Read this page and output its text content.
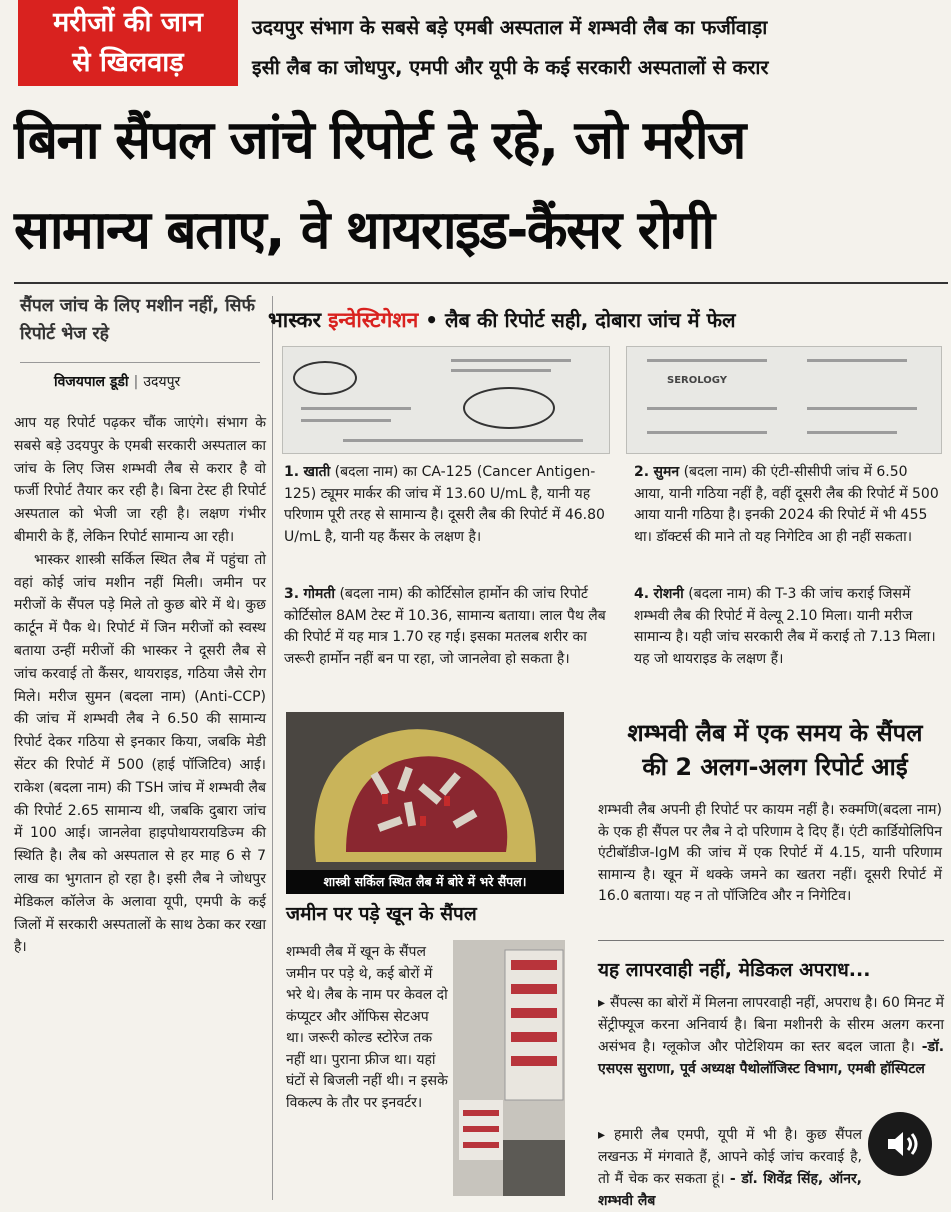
मरीजों की जान
से खिलवाड़
उदयपुर संभाग के सबसे बड़े एमबी अस्पताल में शम्भवी लैब का फर्जीवाड़ा
इसी लैब का जोधपुर, एमपी और यूपी के कई सरकारी अस्पतालों से करार
बिना सैंपल जांचे रिपोर्ट दे रहे, जो मरीज
सामान्य बताए, वे थायराइड-कैंसर रोगी
सैंपल जांच के लिए मशीन नहीं, सिर्फ रिपोर्ट भेज रहे
विजयपाल डूडी | उदयपुर

आप यह रिपोर्ट पढ़कर चौंक जाएंगे। संभाग के सबसे बड़े उदयपुर के एमबी सरकारी अस्पताल का जांच के लिए जिस शम्भवी लैब से करार है वो फर्जी रिपोर्ट तैयार कर रही है। बिना टेस्ट ही रिपोर्ट अस्पताल को भेजी जा रही है। लक्षण गंभीर बीमारी के हैं, लेकिन रिपोर्ट सामान्य आ रही।

भास्कर शास्त्री सर्किल स्थित लैब में पहुंचा तो वहां कोई जांच मशीन नहीं मिली। जमीन पर मरीजों के सैंपल पड़े मिले तो कुछ बोरे में थे। कुछ कार्टून में पैक थे। रिपोर्ट में जिन मरीजों को स्वस्थ बताया उन्हीं मरीजों की भास्कर ने दूसरी लैब से जांच करवाई तो कैंसर, थायराइड, गठिया जैसे रोग मिले। मरीज सुमन (बदला नाम) (Anti-CCP) की जांच में शम्भवी लैब ने 6.50 की सामान्य रिपोर्ट देकर गठिया से इनकार किया, जबकि मेडी सेंटर की रिपोर्ट में 500 (हाई पॉजिटिव) आई। राकेश (बदला नाम) की TSH जांच में शम्भवी लैब की रिपोर्ट 2.65 सामान्य थी, जबकि दुबारा जांच में 100 आई। जानलेवा हाइपोथायरायडिज्म की स्थिति है। लैब को अस्पताल से हर माह 6 से 7 लाख का भुगतान हो रहा है। इसी लैब ने जोधपुर मेडिकल कॉलेज के अलावा यूपी, एमपी के कई जिलों में सरकारी अस्पतालों के साथ ठेका कर रखा है।

भास्कर इन्वेस्टिगेशन • लैब की रिपोर्ट सही, दोबारा जांच में फेल
SEROLOGY
1. खाती (बदला नाम) का CA-125 (Cancer Antigen-125) ट्यूमर मार्कर की जांच में 13.60 U/mL है, यानी यह परिणाम पूरी तरह से सामान्य है। दूसरी लैब की रिपोर्ट में 46.80 U/mL है, यानी यह कैंसर के लक्षण है।
2. सुमन (बदला नाम) की एंटी-सीसीपी जांच में 6.50 आया, यानी गठिया नहीं है, वहीं दूसरी लैब की रिपोर्ट में 500 आया यानी गठिया है। इनकी 2024 की रिपोर्ट में भी 455 था। डॉक्टर्स की माने तो यह निगेटिव आ ही नहीं सकता।
3. गोमती (बदला नाम) की कोर्टिसोल हार्मोन की जांच रिपोर्ट कोर्टिसोल 8AM टेस्ट में 10.36, सामान्य बताया। लाल पैथ लैब की रिपोर्ट में यह मात्र 1.70 रह गई। इसका मतलब शरीर का जरूरी हार्मोन नहीं बन पा रहा, जो जानलेवा हो सकता है।
4. रोशनी (बदला नाम) की T-3 की जांच कराई जिसमें शम्भवी लैब की रिपोर्ट में वेल्यू 2.10 मिला। यानी मरीज सामान्य है। यही जांच सरकारी लैब में कराई तो 7.13 मिला। यह जो थायराइड के लक्षण हैं।
शास्त्री सर्किल स्थित लैब में बोरे में भरे सैंपल।
जमीन पर पड़े खून के सैंपल
शम्भवी लैब में खून के सैंपल जमीन पर पड़े थे, कई बोरों में भरे थे। लैब के नाम पर केवल दो कंप्यूटर और ऑफिस सेटअप था। जरूरी कोल्ड स्टोरेज तक नहीं था। पुराना फ्रीज था। यहां घंटों से बिजली नहीं थी। न इसके विकल्प के तौर पर इनवर्टर।
शम्भवी लैब में एक समय के सैंपल
की 2 अलग-अलग रिपोर्ट आई
शम्भवी लैब अपनी ही रिपोर्ट पर कायम नहीं है। रुक्मणि(बदला नाम) के एक ही सैंपल पर लैब ने दो परिणाम दे दिए हैं। एंटी कार्डियोलिपिन एंटीबॉडीज-IgM की जांच में एक रिपोर्ट में 4.15, यानी परिणाम सामान्य है। खून में थक्के जमने का खतरा नहीं। दूसरी रिपोर्ट में 16.0 बताया। यह न तो पॉजिटिव और न निगेटिव।
यह लापरवाही नहीं, मेडिकल अपराध...
▸ सैंपल्स का बोरों में मिलना लापरवाही नहीं, अपराध है। 60 मिनट में सेंट्रीफ्यूज करना अनिवार्य है। बिना मशीनरी के सीरम अलग करना असंभव है। ग्लूकोज और पोटेशियम का स्तर बदल जाता है। -डॉ. एसएस सुराणा, पूर्व अध्यक्ष पैथोलॉजिस्ट विभाग, एमबी हॉस्पिटल
▸ हमारी लैब एमपी, यूपी में भी है। कुछ सैंपल लखनऊ में मंगवाते हैं, आपने कोई जांच करवाई है, तो मैं चेक कर सकता हूं। - डॉ. शिवेंद्र सिंह, ऑनर, शम्भवी लैब
